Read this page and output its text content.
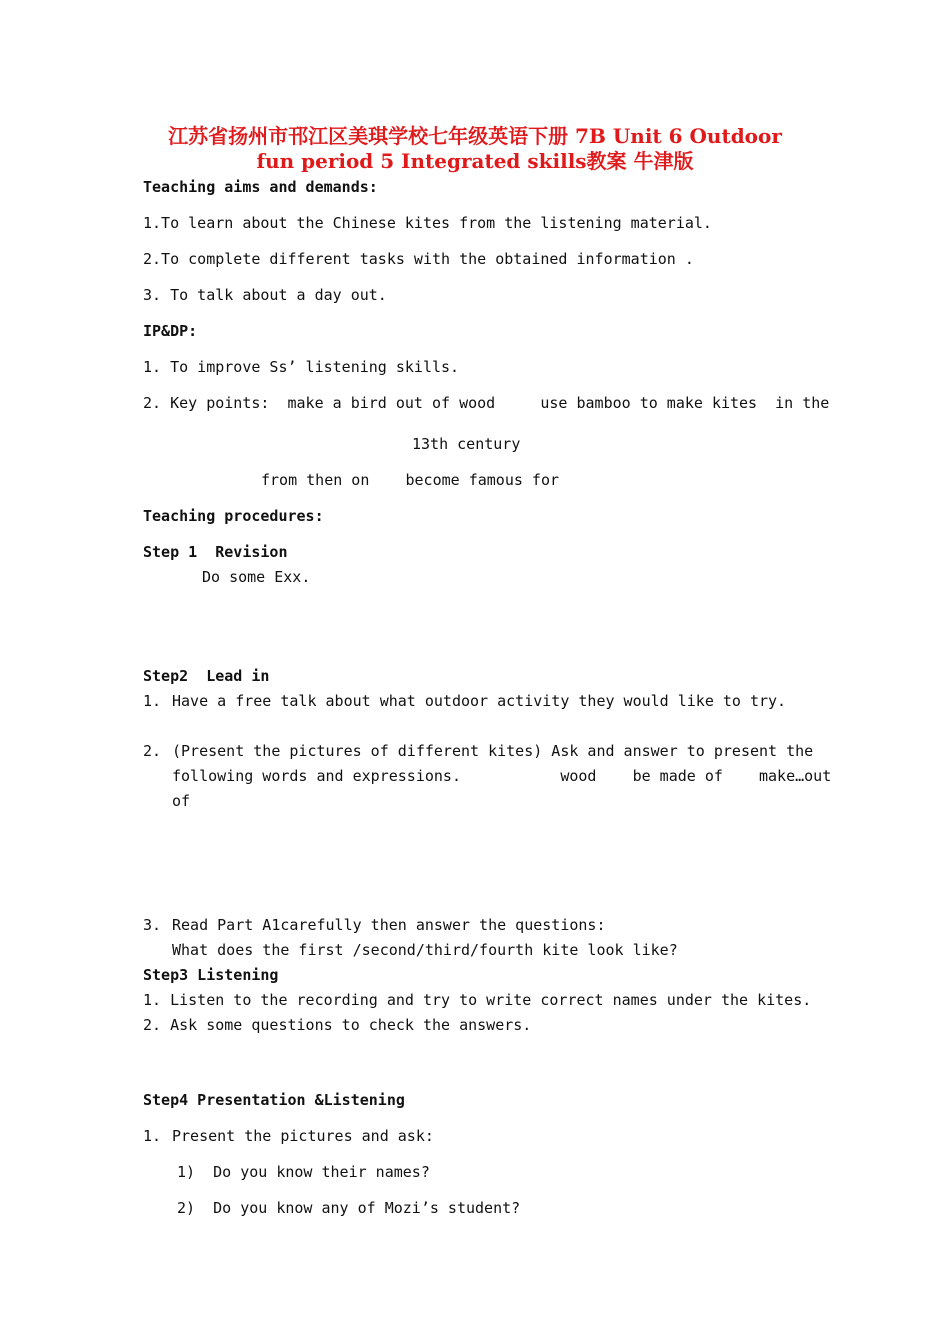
江苏省扬州市邗江区美琪学校七年级英语下册 7B Unit 6 Outdoor
fun period 5 Integrated skills教案 牛津版
Teaching aims and demands:
1.To learn about the Chinese kites from the listening material.
2.To complete different tasks with the obtained information .
3. To talk about a day out.
IP&DP:
1. To improve Ss’ listening skills.
2. Key points:  make a bird out of wood     use bamboo to make kites  in the
13th century
from then on    become famous for
Teaching procedures:
Step 1  Revision
Do some Exx.
Step2  Lead in
1. Have a free talk about what outdoor activity they would like to try.
2. (Present the pictures of different kites) Ask and answer to present the
following words and expressions.           wood    be made of    make…out
of
3. Read Part A1carefully then answer the questions:
What does the first /second/third/fourth kite look like?
Step3 Listening
1. Listen to the recording and try to write correct names under the kites.
2. Ask some questions to check the answers.
Step4 Presentation &Listening
1. Present the pictures and ask:
1)  Do you know their names?
2)  Do you know any of Mozi’s student?
